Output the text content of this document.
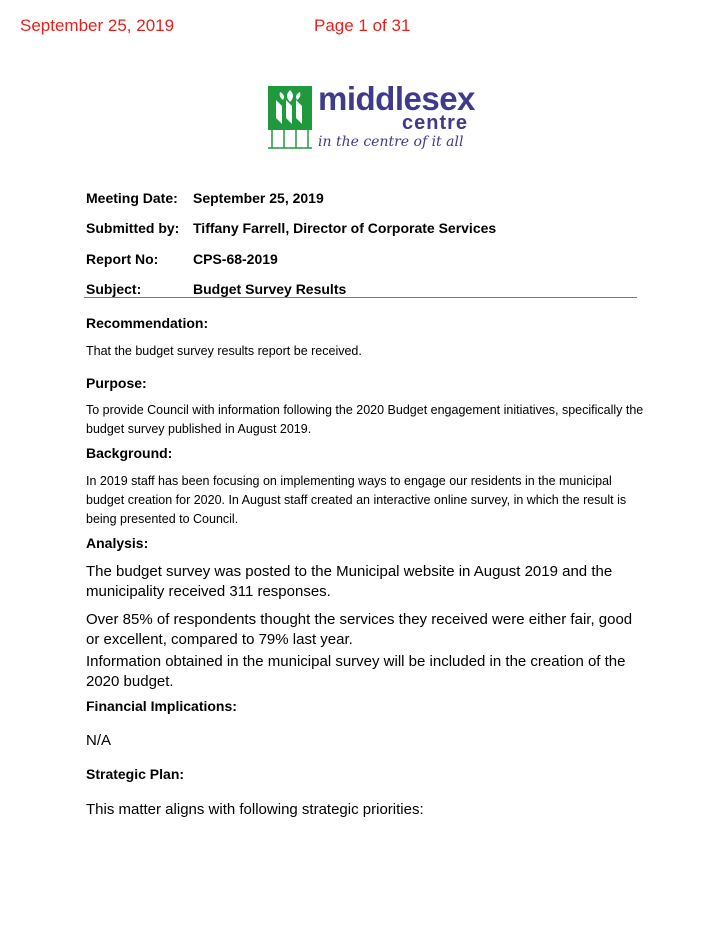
September 25, 2019	Page 1 of 31
middlesex
centre
in the centre of it all
Meeting Date: September 25, 2019
Submitted by: Tiffany Farrell, Director of Corporate Services
Report No: CPS-68-2019
Subject:	Budget Survey Results
Recommendation:
That the budget survey results report be received.
Purpose:
To provide Council with information following the 2020 Budget engagement initiatives, specifically the budget survey published in August 2019.
Background:
In 2019 staff has been focusing on implementing ways to engage our residents in the municipal budget creation for 2020. In August staff created an interactive online survey, in which the result is being presented to Council.
Analysis:
The budget survey was posted to the Municipal website in August 2019 and the municipality received 311 responses.
Over 85% of respondents thought the services they received were either fair, good or excellent, compared to 79% last year.
Information obtained in the municipal survey will be included in the creation of the 2020 budget.
Financial Implications:
N/A
Strategic Plan:
This matter aligns with following strategic priorities:
